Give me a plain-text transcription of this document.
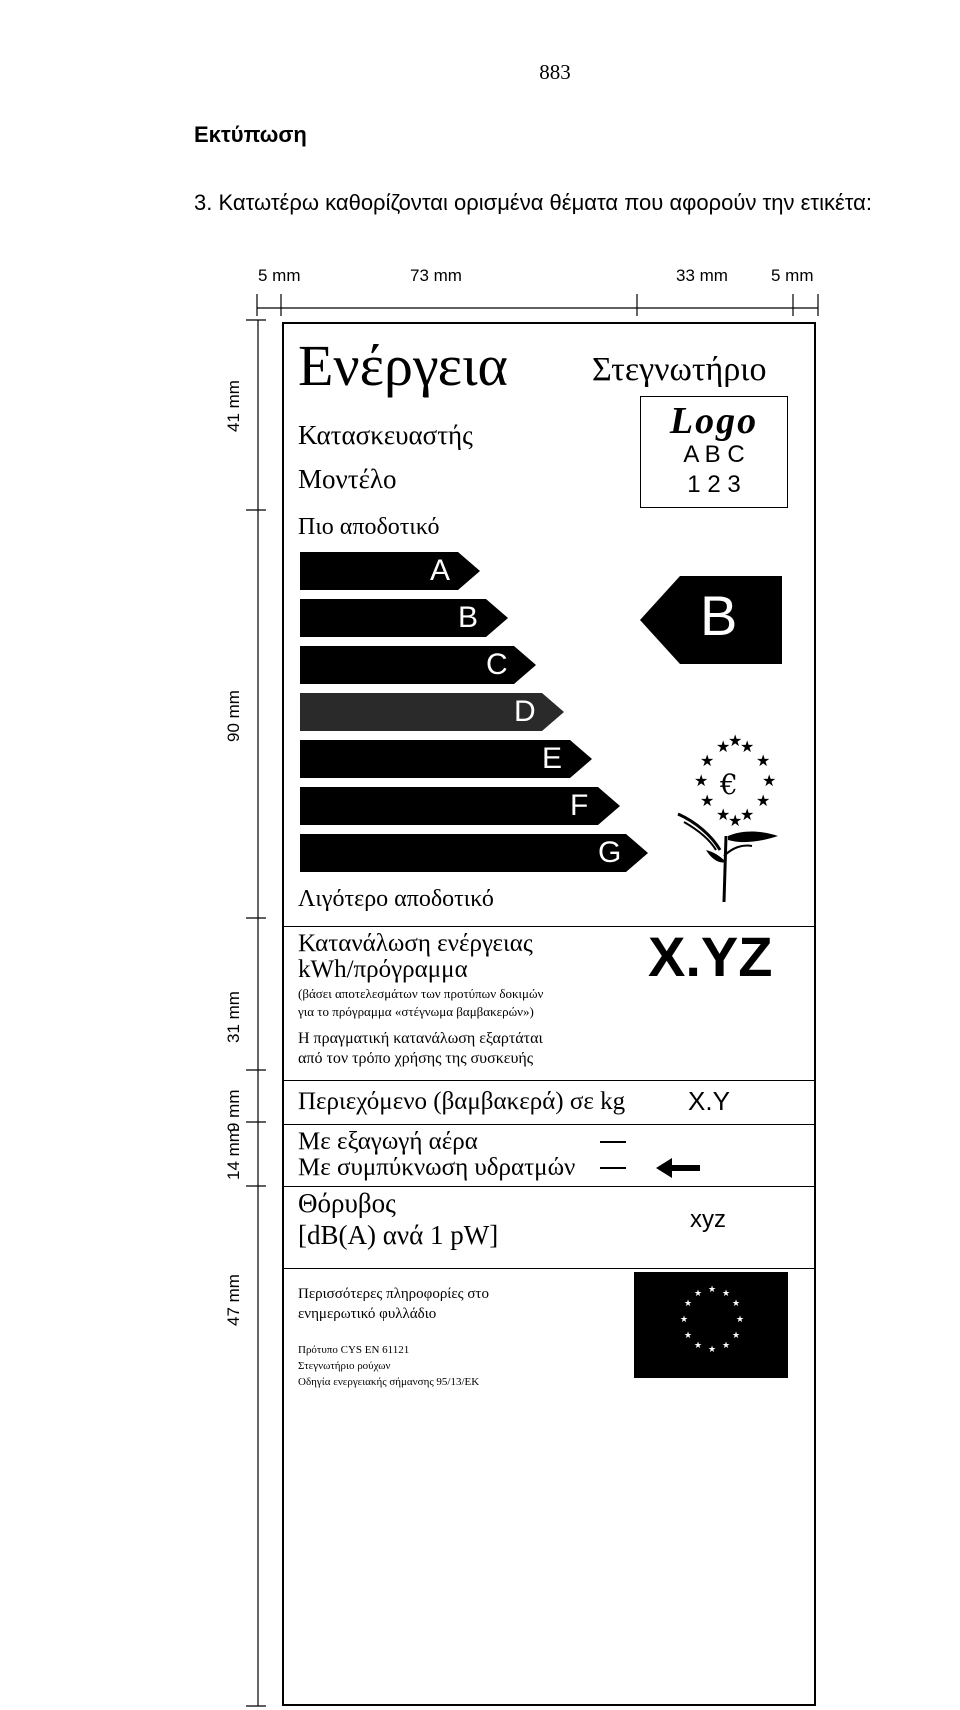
883
Εκτύπωση
3. Κατωτέρω καθορίζονται ορισμένα θέματα που αφορούν την ετικέτα:
5 mm	73 mm	33 mm	5 mm
41 mm
90 mm
31 mm
9 mm
14 mm
47 mm
Ενέργεια Στεγνωτήριο
Κατασκευαστής
Μοντέλο
Logo
A B C
1 2 3
Πιο αποδοτικό
A
B
C
D
E
F
G
Λιγότερο αποδοτικό
B
★
★
★
★	★
★	★
★	★
★
★
★
€
Κατανάλωση ενέργειας
kWh/πρόγραμμα
(βάσει αποτελεσμάτων των προτύπων δοκιμών
για το πρόγραμμα «στέγνωμα βαμβακερών»)
X.YZ
Η πραγματική κατανάλωση εξαρτάται
από τον τρόπο χρήσης της συσκευής
Περιεχόμενο (βαμβακερά) σε kg X.Y
Με εξαγωγή αέρα
Με συμπύκνωση υδρατμών
Θόρυβος
[dB(A) ανά 1 pW]
xyz
Περισσότερες πληροφορίες στο
ενημερωτικό φυλλάδιο
Πρότυπο CYS EN 61121
Στεγνωτήριο ρούχων
Οδηγία ενεργειακής σήμανσης 95/13/ΕΚ
★ ★
★
★
★
★
★
★
★
★
★
★
